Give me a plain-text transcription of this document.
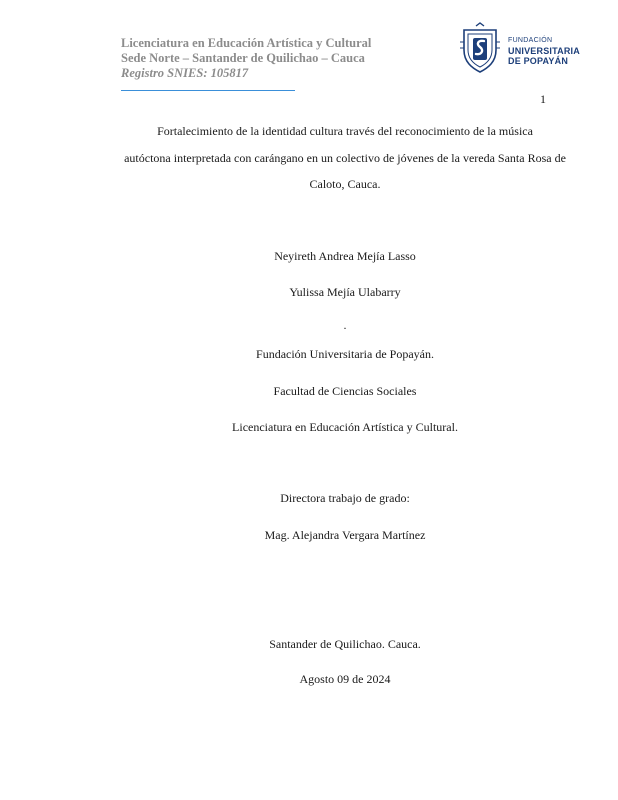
Licenciatura en Educación Artística y Cultural
Sede Norte – Santander de Quilichao – Cauca
Registro SNIES: 105817
FUNDACIÓN
UNIVERSITARIA
DE POPAYÁN
1
Fortalecimiento de la identidad cultura través del reconocimiento de la música
autóctona interpretada con carángano en un colectivo de jóvenes de la vereda Santa Rosa de
Caloto, Cauca.
Neyireth Andrea Mejía Lasso
Yulissa Mejía Ulabarry
.
Fundación Universitaria de Popayán.
Facultad de Ciencias Sociales
Licenciatura en Educación Artística y Cultural.
Directora trabajo de grado:
Mag. Alejandra Vergara Martínez
Santander de Quilichao. Cauca.
Agosto 09 de 2024
